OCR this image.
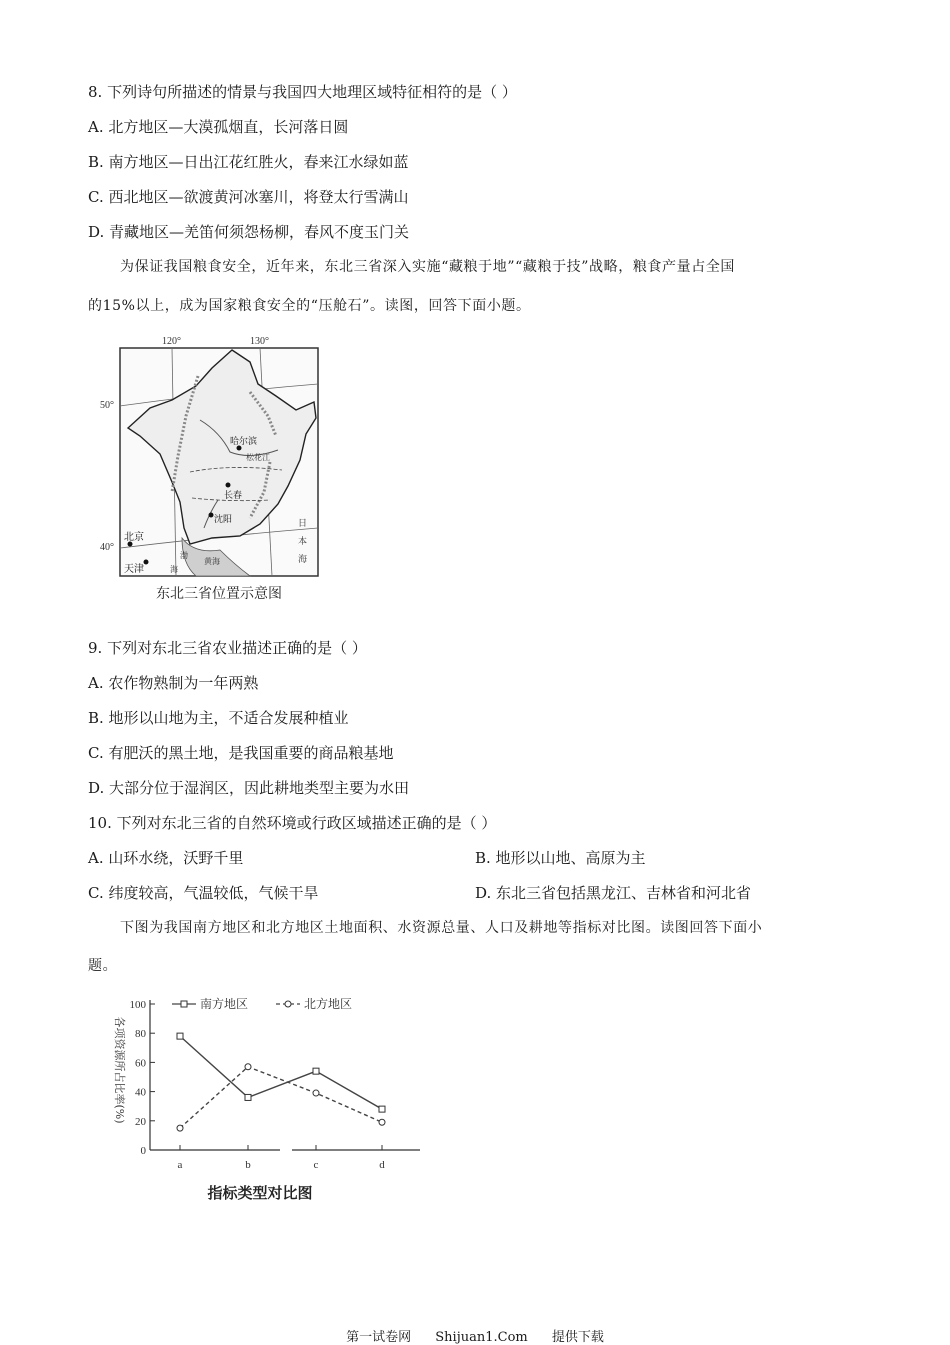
8. 下列诗句所描述的情景与我国四大地理区域特征相符的是（ ）
A. 北方地区—大漠孤烟直，长河落日圆
B. 南方地区—日出江花红胜火，春来江水绿如蓝
C. 西北地区—欲渡黄河冰塞川，将登太行雪满山
D. 青藏地区—羌笛何须怨杨柳，春风不度玉门关
为保证我国粮食安全，近年来，东北三省深入实施“藏粮于地”“藏粮于技”战略，粮食产量占全国
的15%以上，成为国家粮食安全的“压舱石”。读图，回答下面小题。
120°	130°
50°
40°
哈尔滨
松花江
长春
沈阳
北京
天津
日
本
海
渤
黄海
海
东北三省位置示意图
9. 下列对东北三省农业描述正确的是（ ）
A. 农作物熟制为一年两熟
B. 地形以山地为主，不适合发展种植业
C. 有肥沃的黑土地，是我国重要的商品粮基地
D. 大部分位于湿润区，因此耕地类型主要为水田
10. 下列对东北三省的自然环境或行政区域描述正确的是（ ）
A. 山环水绕，沃野千里	B. 地形以山地、高原为主
C. 纬度较高，气温较低，气候干旱	D. 东北三省包括黑龙江、吉林省和河北省
下图为我国南方地区和北方地区土地面积、水资源总量、人口及耕地等指标对比图。读图回答下面小
题。
0
20
40
60
80
100
a	b	c	d
南方地区	北方地区
各项资源所占比率(%)
指标类型对比图
第一试卷网 Shijuan1.Com 提供下载
